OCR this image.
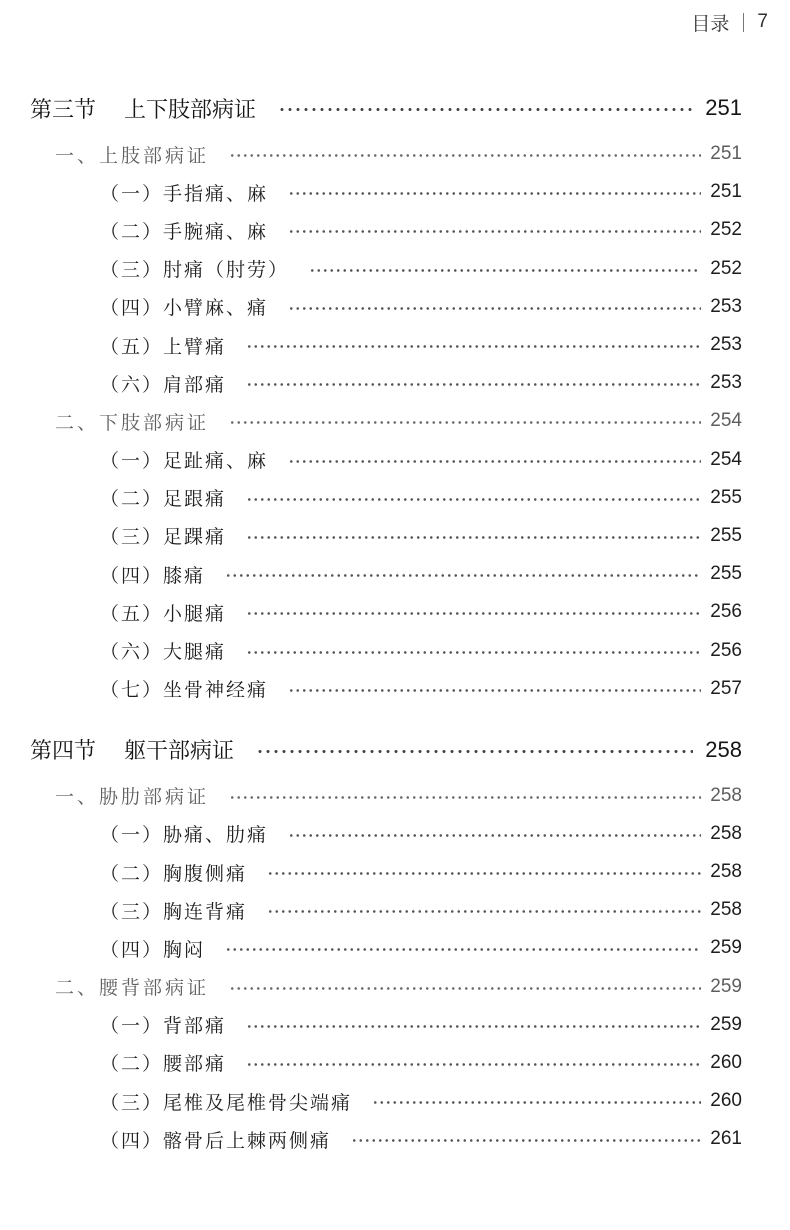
目录 7
第三节 上下肢部病证	251
一、上肢部病证	251
（一）手指痛、麻	251
（二）手腕痛、麻	252
（三）肘痛（肘劳）	252
（四）小臂麻、痛	253
（五）上臂痛	253
（六）肩部痛	253
二、下肢部病证	254
（一）足趾痛、麻	254
（二）足跟痛	255
（三）足踝痛	255
（四）膝痛	255
（五）小腿痛	256
（六）大腿痛	256
（七）坐骨神经痛	257
第四节 躯干部病证	258
一、胁肋部病证	258
（一）胁痛、肋痛	258
（二）胸腹侧痛	258
（三）胸连背痛	258
（四）胸闷	259
二、腰背部病证	259
（一）背部痛	259
（二）腰部痛	260
（三）尾椎及尾椎骨尖端痛	260
（四）髂骨后上棘两侧痛	261
